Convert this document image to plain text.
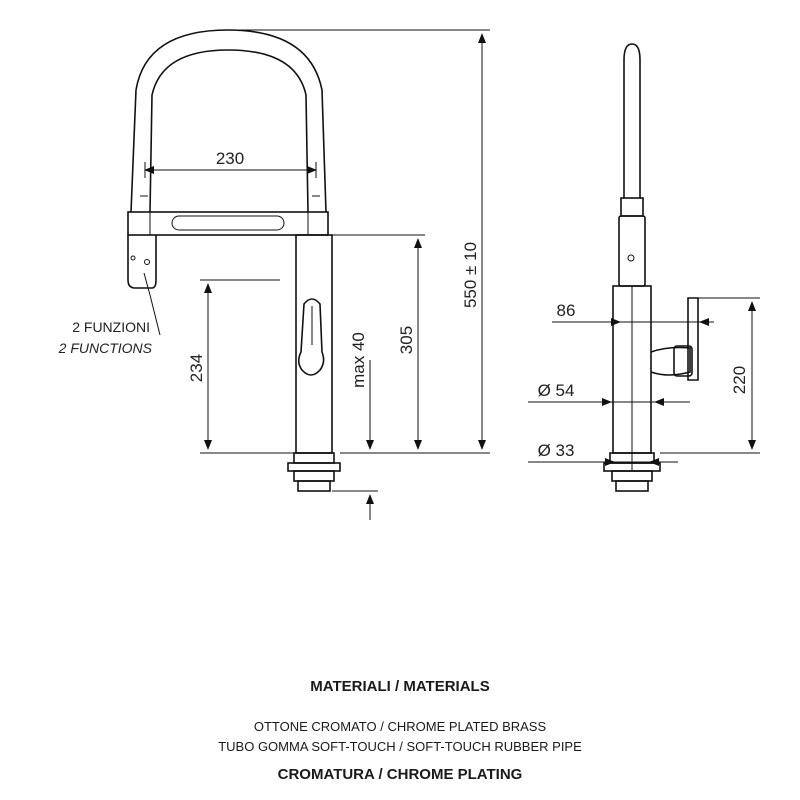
230
234	max 40 305
550 ± 10
2 FUNZIONI
2 FUNCTIONS
86
220
Ø 54
Ø 33
MATERIALI / MATERIALS
OTTONE CROMATO / CHROME PLATED BRASS
TUBO GOMMA SOFT-TOUCH / SOFT-TOUCH RUBBER PIPE
CROMATURA / CHROME PLATING
